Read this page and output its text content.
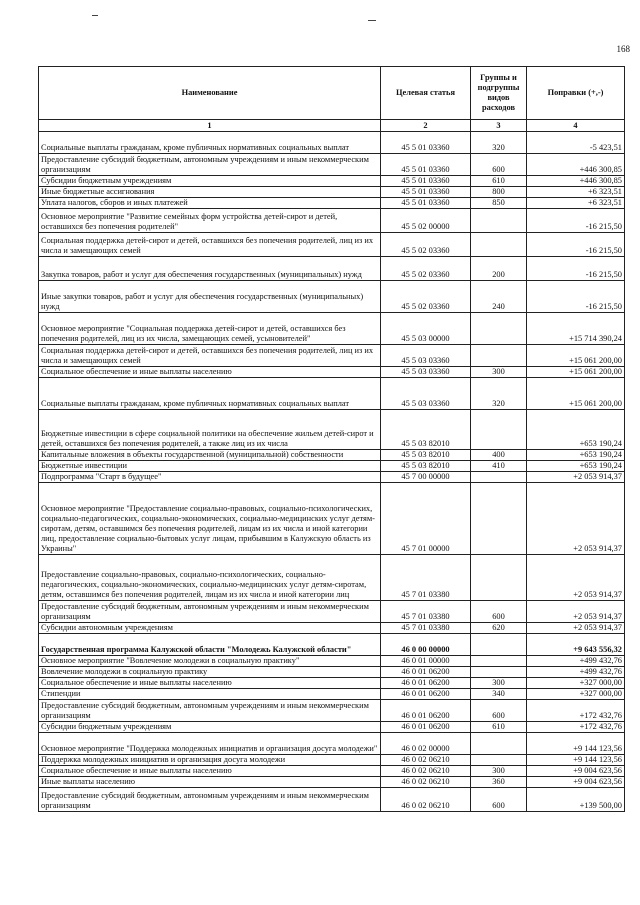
168
Наименование	Целевая статья	Группы и подгруппы видов расходов	Поправки (+,-)
1	2	3	4
Социальные выплаты гражданам, кроме публичных нормативных социальных выплат	45 5 01 03360	320	-5 423,51
Предоставление субсидий бюджетным, автономным учреждениям и иным некоммерческим организациям	45 5 01 03360	600	+446 300,85
Субсидии бюджетным учреждениям	45 5 01 03360	610	+446 300,85
Иные бюджетные ассигнования	45 5 01 03360	800	+6 323,51
Уплата налогов, сборов и иных платежей	45 5 01 03360	850	+6 323,51
Основное мероприятие "Развитие семейных форм устройства детей-сирот и детей, оставшихся без попечения родителей"	45 5 02 00000		-16 215,50
Социальная поддержка детей-сирот и детей, оставшихся без попечения родителей, лиц из их числа и замещающих семей	45 5 02 03360		-16 215,50
Закупка товаров, работ и услуг для обеспечения государственных (муниципальных) нужд	45 5 02 03360	200	-16 215,50
Иные закупки товаров, работ и услуг для обеспечения государственных (муниципальных) нужд	45 5 02 03360	240	-16 215,50
Основное мероприятие "Социальная поддержка детей-сирот и детей, оставшихся без попечения родителей, лиц из их числа, замещающих семей, усыновителей"	45 5 03 00000		+15 714 390,24
Социальная поддержка детей-сирот и детей, оставшихся без попечения родителей, лиц из их числа и замещающих семей	45 5 03 03360		+15 061 200,00
Социальное обеспечение и иные выплаты населению	45 5 03 03360	300	+15 061 200,00
Социальные выплаты гражданам, кроме публичных нормативных социальных выплат	45 5 03 03360	320	+15 061 200,00
Бюджетные инвестиции в сфере социальной политики на обеспечение жильем детей-сирот и детей, оставшихся без попечения родителей, а также лиц из их числа	45 5 03 82010		+653 190,24
Капитальные вложения в объекты государственной (муниципальной) собственности	45 5 03 82010	400	+653 190,24
Бюджетные инвестиции	45 5 03 82010	410	+653 190,24
Подпрограмма "Старт в будущее"	45 7 00 00000		+2 053 914,37
Основное мероприятие "Предоставление социально-правовых, социально-психологических, социально-педагогических, социально-экономических, социально-медицинских услуг детям-сиротам, детям, оставшимся без попечения родителей, лицам из их числа и иной категории лиц, предоставление социально-бытовых услуг лицам, прибывшим в Калужскую область из Украины"	45 7 01 00000		+2 053 914,37
Предоставление социально-правовых, социально-психологических, социально-педагогических, социально-экономических, социально-медицинских услуг детям-сиротам, детям, оставшимся без попечения родителей, лицам из их числа и иной категории лиц	45 7 01 03380		+2 053 914,37
Предоставление субсидий бюджетным, автономным учреждениям и иным некоммерческим организациям	45 7 01 03380	600	+2 053 914,37
Субсидии автономным учреждениям	45 7 01 03380	620	+2 053 914,37
Государственная программа Калужской области "Молодежь Калужской области"	46 0 00 00000		+9 643 556,32
Основное мероприятие "Вовлечение молодежи в социальную практику"	46 0 01 00000		+499 432,76
Вовлечение молодежи в социальную практику	46 0 01 06200		+499 432,76
Социальное обеспечение и иные выплаты населению	46 0 01 06200	300	+327 000,00
Стипендии	46 0 01 06200	340	+327 000,00
Предоставление субсидий бюджетным, автономным учреждениям и иным некоммерческим организациям	46 0 01 06200	600	+172 432,76
Субсидии бюджетным учреждениям	46 0 01 06200	610	+172 432,76
Основное мероприятие "Поддержка молодежных инициатив и организация досуга молодежи"	46 0 02 00000		+9 144 123,56
Поддержка молодежных инициатив и организация досуга молодежи	46 0 02 06210		+9 144 123,56
Социальное обеспечение и иные выплаты населению	46 0 02 06210	300	+9 004 623,56
Иные выплаты населению	46 0 02 06210	360	+9 004 623,56
Предоставление субсидий бюджетным, автономным учреждениям и иным некоммерческим организациям	46 0 02 06210	600	+139 500,00
